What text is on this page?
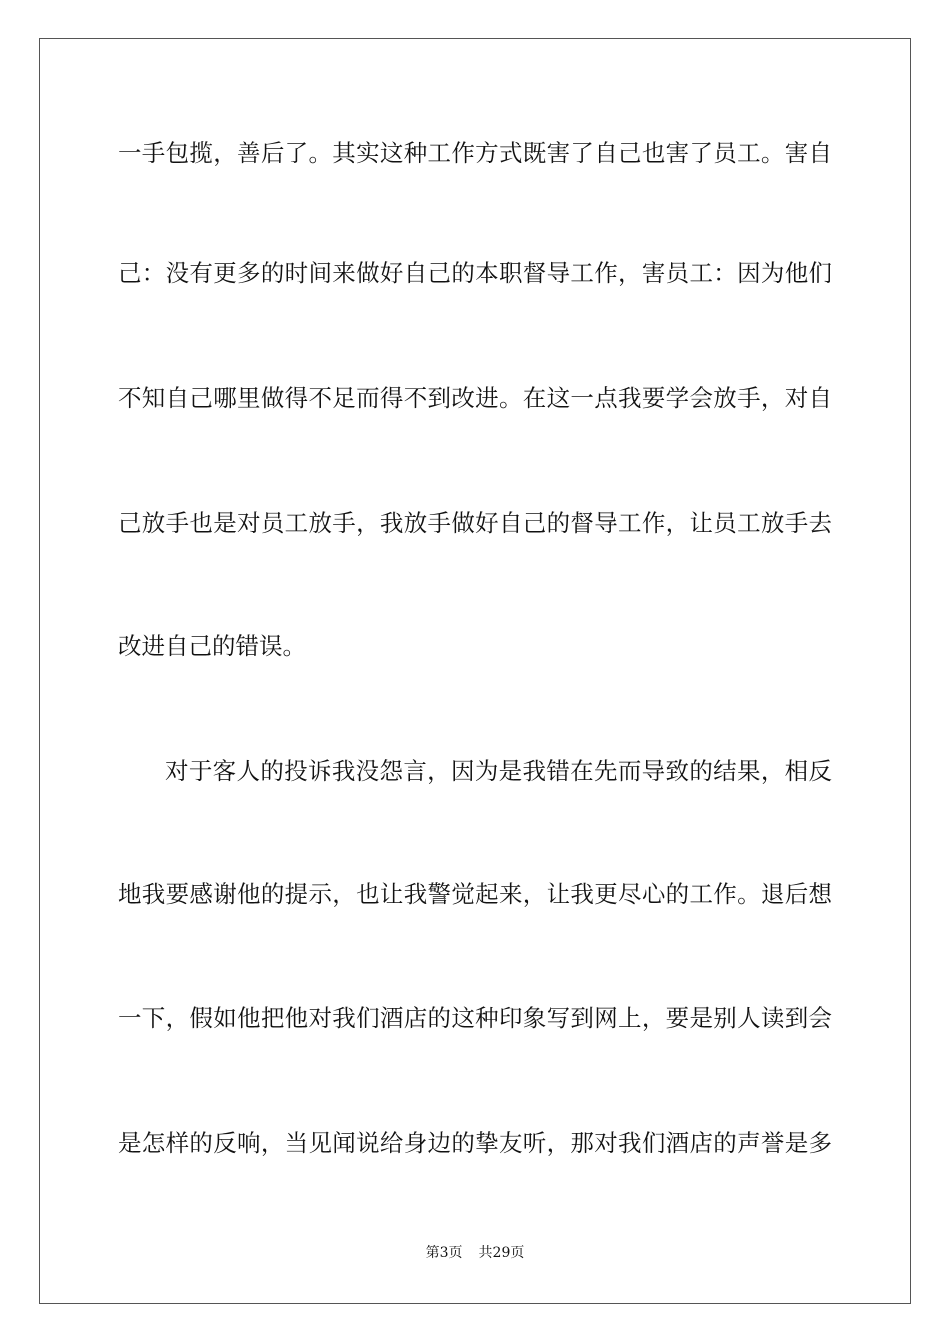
一手包揽，善后了。其实这种工作方式既害了自己也害了员工。害自
己：没有更多的时间来做好自己的本职督导工作，害员工：因为他们
不知自己哪里做得不足而得不到改进。在这一点我要学会放手，对自
己放手也是对员工放手，我放手做好自己的督导工作，让员工放手去
改进自己的错误。
对于客人的投诉我没怨言，因为是我错在先而导致的结果，相反
地我要感谢他的提示，也让我警觉起来，让我更尽心的工作。退后想
一下，假如他把他对我们酒店的这种印象写到网上，要是别人读到会
是怎样的反响，当见闻说给身边的挚友听，那对我们酒店的声誉是多
第3页 共29页
